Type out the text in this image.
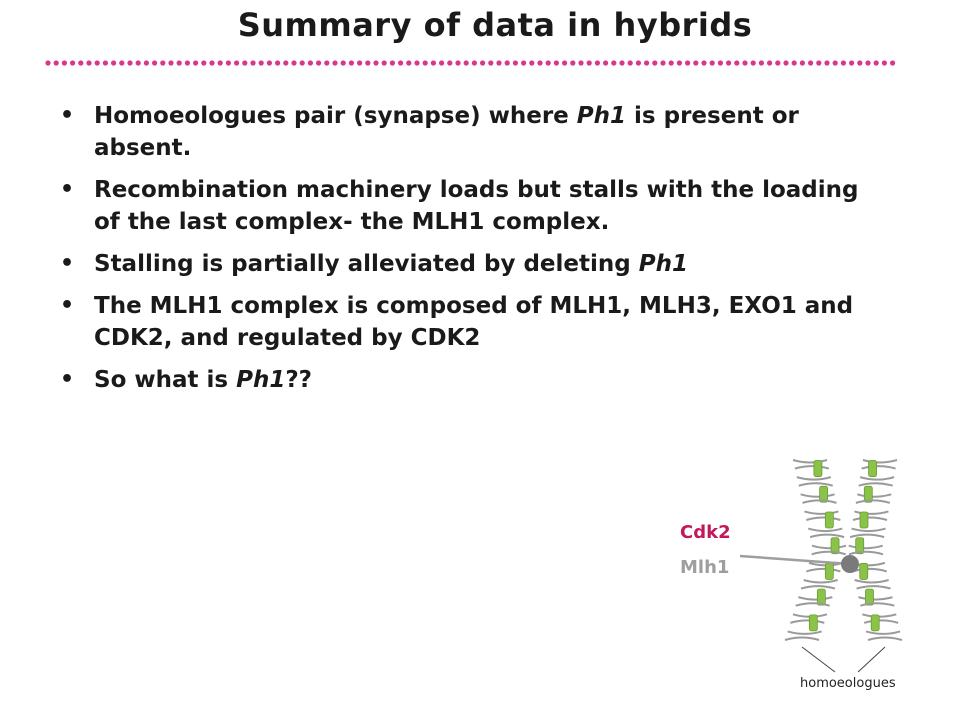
Summary of data in hybrids
• Homoeologues pair (synapse) where Ph1 is present or absent.
• Recombination machinery loads but stalls with the loading of the last complex- the MLH1 complex.
• Stalling is partially alleviated by deleting Ph1
• The MLH1 complex is composed of MLH1, MLH3, EXO1 and CDK2, and regulated by CDK2
• So what is Ph1??
Cdk2
Mlh1
homoeologues
